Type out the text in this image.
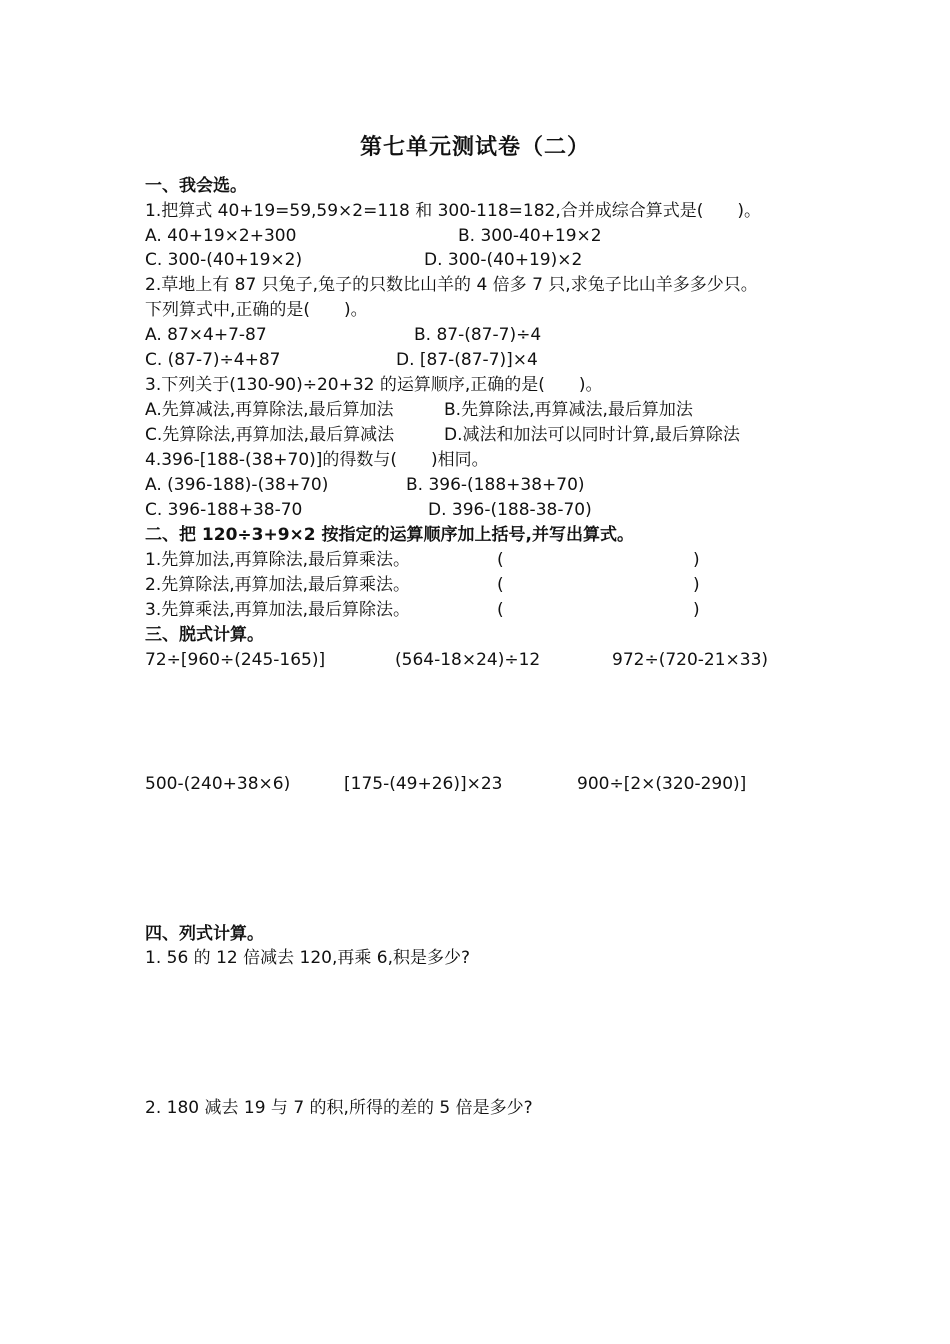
第七单元测试卷（二）
一、我会选。
1.把算式 40+19=59,59×2=118 和 300-118=182,合并成综合算式是(　　)。
A. 40+19×2+300	B. 300-40+19×2
C. 300-(40+19×2)	D. 300-(40+19)×2
2.草地上有 87 只兔子,兔子的只数比山羊的 4 倍多 7 只,求兔子比山羊多多少只。
下列算式中,正确的是(　　)。
A. 87×4+7-87	B. 87-(87-7)÷4
C. (87-7)÷4+87	D. [87-(87-7)]×4
3.下列关于(130-90)÷20+32 的运算顺序,正确的是(　　)。
A.先算减法,再算除法,最后算加法	B.先算除法,再算减法,最后算加法
C.先算除法,再算加法,最后算减法	D.减法和加法可以同时计算,最后算除法
4.396-[188-(38+70)]的得数与(　　)相同。
A. (396-188)-(38+70)	B. 396-(188+38+70)
C. 396-188+38-70	D. 396-(188-38-70)
二、把 120÷3+9×2 按指定的运算顺序加上括号,并写出算式。
1.先算加法,再算除法,最后算乘法。	(	)
2.先算除法,再算加法,最后算乘法。	(	)
3.先算乘法,再算加法,最后算除法。	(	)
三、脱式计算。
72÷[960÷(245-165)]	(564-18×24)÷12	972÷(720-21×33)
500-(240+38×6)	[175-(49+26)]×23	900÷[2×(320-290)]
四、列式计算。
1. 56 的 12 倍减去 120,再乘 6,积是多少?
2. 180 减去 19 与 7 的积,所得的差的 5 倍是多少?
